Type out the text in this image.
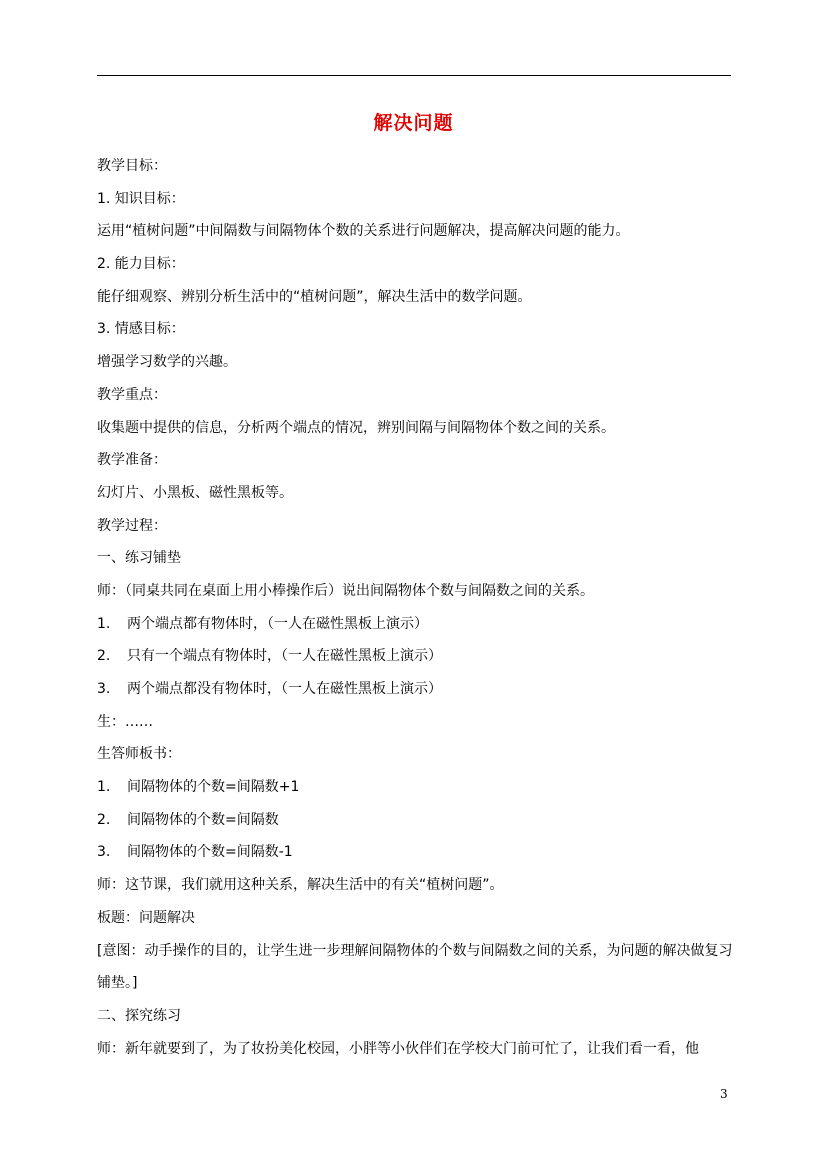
解决问题
教学目标：
1. 知识目标：
运用“植树问题”中间隔数与间隔物体个数的关系进行问题解决，提高解决问题的能力。
2. 能力目标：
能仔细观察、辨别分析生活中的“植树问题”，解决生活中的数学问题。
3. 情感目标：
增强学习数学的兴趣。
教学重点：
收集题中提供的信息，分析两个端点的情况，辨别间隔与间隔物体个数之间的关系。
教学准备：
幻灯片、小黑板、磁性黑板等。
教学过程：
一、练习铺垫
师：（同桌共同在桌面上用小棒操作后）说出间隔物体个数与间隔数之间的关系。
1. 两个端点都有物体时，（一人在磁性黑板上演示）
2. 只有一个端点有物体时，（一人在磁性黑板上演示）
3. 两个端点都没有物体时，（一人在磁性黑板上演示）
生：……
生答师板书：
1. 间隔物体的个数=间隔数+1
2. 间隔物体的个数=间隔数
3. 间隔物体的个数=间隔数-1
师：这节课，我们就用这种关系，解决生活中的有关“植树问题”。
板题：问题解决
[意图：动手操作的目的，让学生进一步理解间隔物体的个数与间隔数之间的关系，为问题的解决做复习铺垫。]
二、探究练习
师：新年就要到了，为了妆扮美化校园，小胖等小伙伴们在学校大门前可忙了，让我们看一看，他
3
